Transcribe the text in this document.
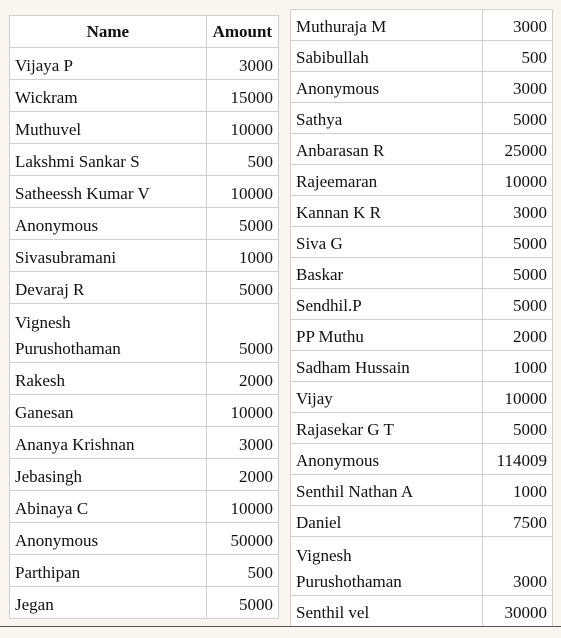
Name	Amount
Vijaya P	3000
Wickram	15000
Muthuvel	10000
Lakshmi Sankar S	500
Satheessh Kumar V	10000
Anonymous	5000
Sivasubramani	1000
Devaraj R	5000
Vignesh
Purushothaman	5000
Rakesh	2000
Ganesan	10000
Ananya Krishnan	3000
Jebasingh	2000
Abinaya C	10000
Anonymous	50000
Parthipan	500
Jegan	5000
Muthuraja M	3000
Sabibullah	500
Anonymous	3000
Sathya	5000
Anbarasan R	25000
Rajeemaran	10000
Kannan K R	3000
Siva G	5000
Baskar	5000
Sendhil.P	5000
PP Muthu	2000
Sadham Hussain	1000
Vijay	10000
Rajasekar G T	5000
Anonymous	114009
Senthil Nathan A	1000
Daniel	7500
Vignesh
Purushothaman	3000
Senthil vel	30000
